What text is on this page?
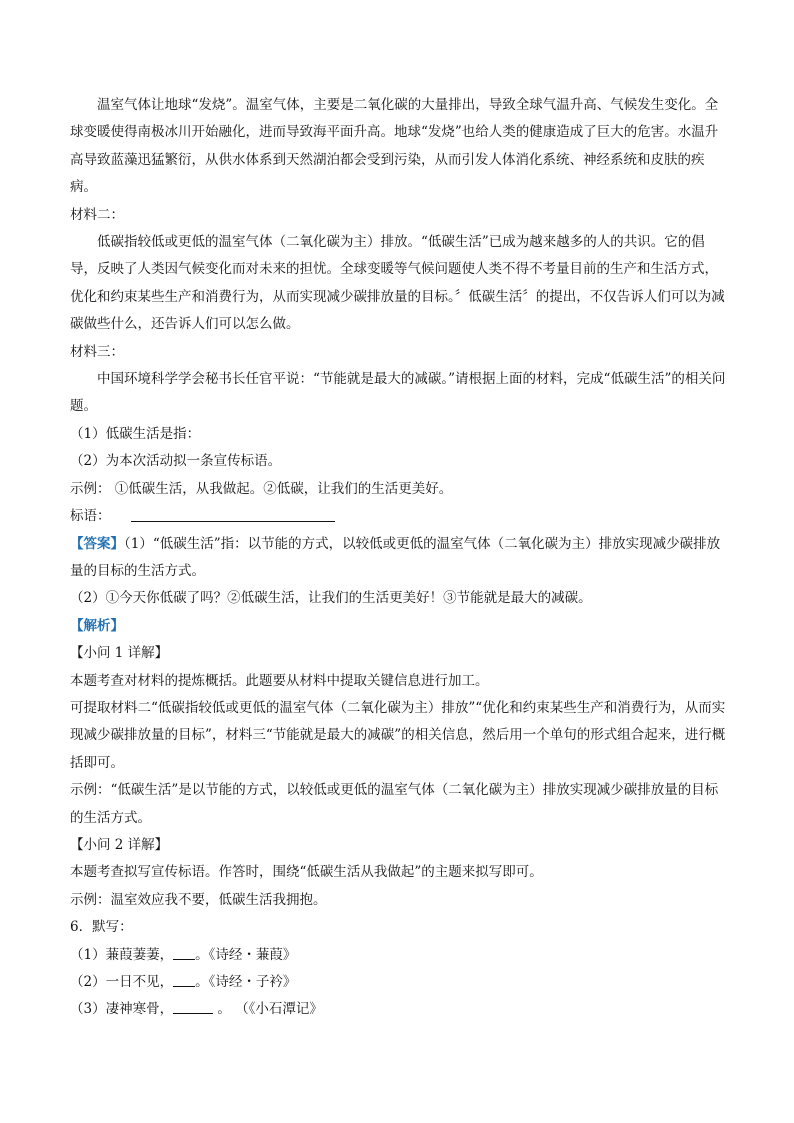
温室气体让地球“发烧”。温室气体，主要是二氧化碳的大量排出，导致全球气温升高、气候发生变化。全球变暖使得南极冰川开始融化，进而导致海平面升高。地球“发烧”也给人类的健康造成了巨大的危害。水温升高导致蓝藻迅猛繁衍，从供水体系到天然湖泊都会受到污染，从而引发人体消化系统、神经系统和皮肤的疾病。

材料二：

低碳指较低或更低的温室气体（二氧化碳为主）排放。“低碳生活”已成为越来越多的人的共识。它的倡导，反映了人类因气候变化而对未来的担忧。全球变暖等气候问题使人类不得不考量目前的生产和生活方式，优化和约束某些生产和消费行为，从而实现减少碳排放量的目标。〞低碳生活〞的提出，不仅告诉人们可以为减碳做些什么，还告诉人们可以怎么做。

材料三：

中国环境科学学会秘书长任官平说：“节能就是最大的减碳。”请根据上面的材料，完成“低碳生活”的相关问题。

（1）低碳生活是指：

（2）为本次活动拟一条宣传标语。

示例： ①低碳生活，从我做起。②低碳，让我们的生活更美好。

标语：

【答案】（1）“低碳生活”指：以节能的方式，以较低或更低的温室气体（二氧化碳为主）排放实现减少碳排放量的目标的生活方式。

（2）①今天你低碳了吗？②低碳生活，让我们的生活更美好！③节能就是最大的减碳。

【解析】

【小问 1 详解】

本题考查对材料的提炼概括。此题要从材料中提取关键信息进行加工。

可提取材料二“低碳指较低或更低的温室气体（二氧化碳为主）排放”“优化和约束某些生产和消费行为，从而实现减少碳排放量的目标”，材料三“节能就是最大的减碳”的相关信息，然后用一个单句的形式组合起来，进行概括即可。

示例：“低碳生活”是以节能的方式，以较低或更低的温室气体（二氧化碳为主）排放实现减少碳排放量的目标的生活方式。

【小问 2 详解】

本题考查拟写宣传标语。作答时，围绕“低碳生活从我做起”的主题来拟写即可。

示例：温室效应我不要，低碳生活我拥抱。

6．默写：

（1）蒹葭萋萋， 。《诗经・蒹葭》

（2）一日不见， 。《诗经・子衿》

（3）凄神寒骨，	。 （《小石潭记》
